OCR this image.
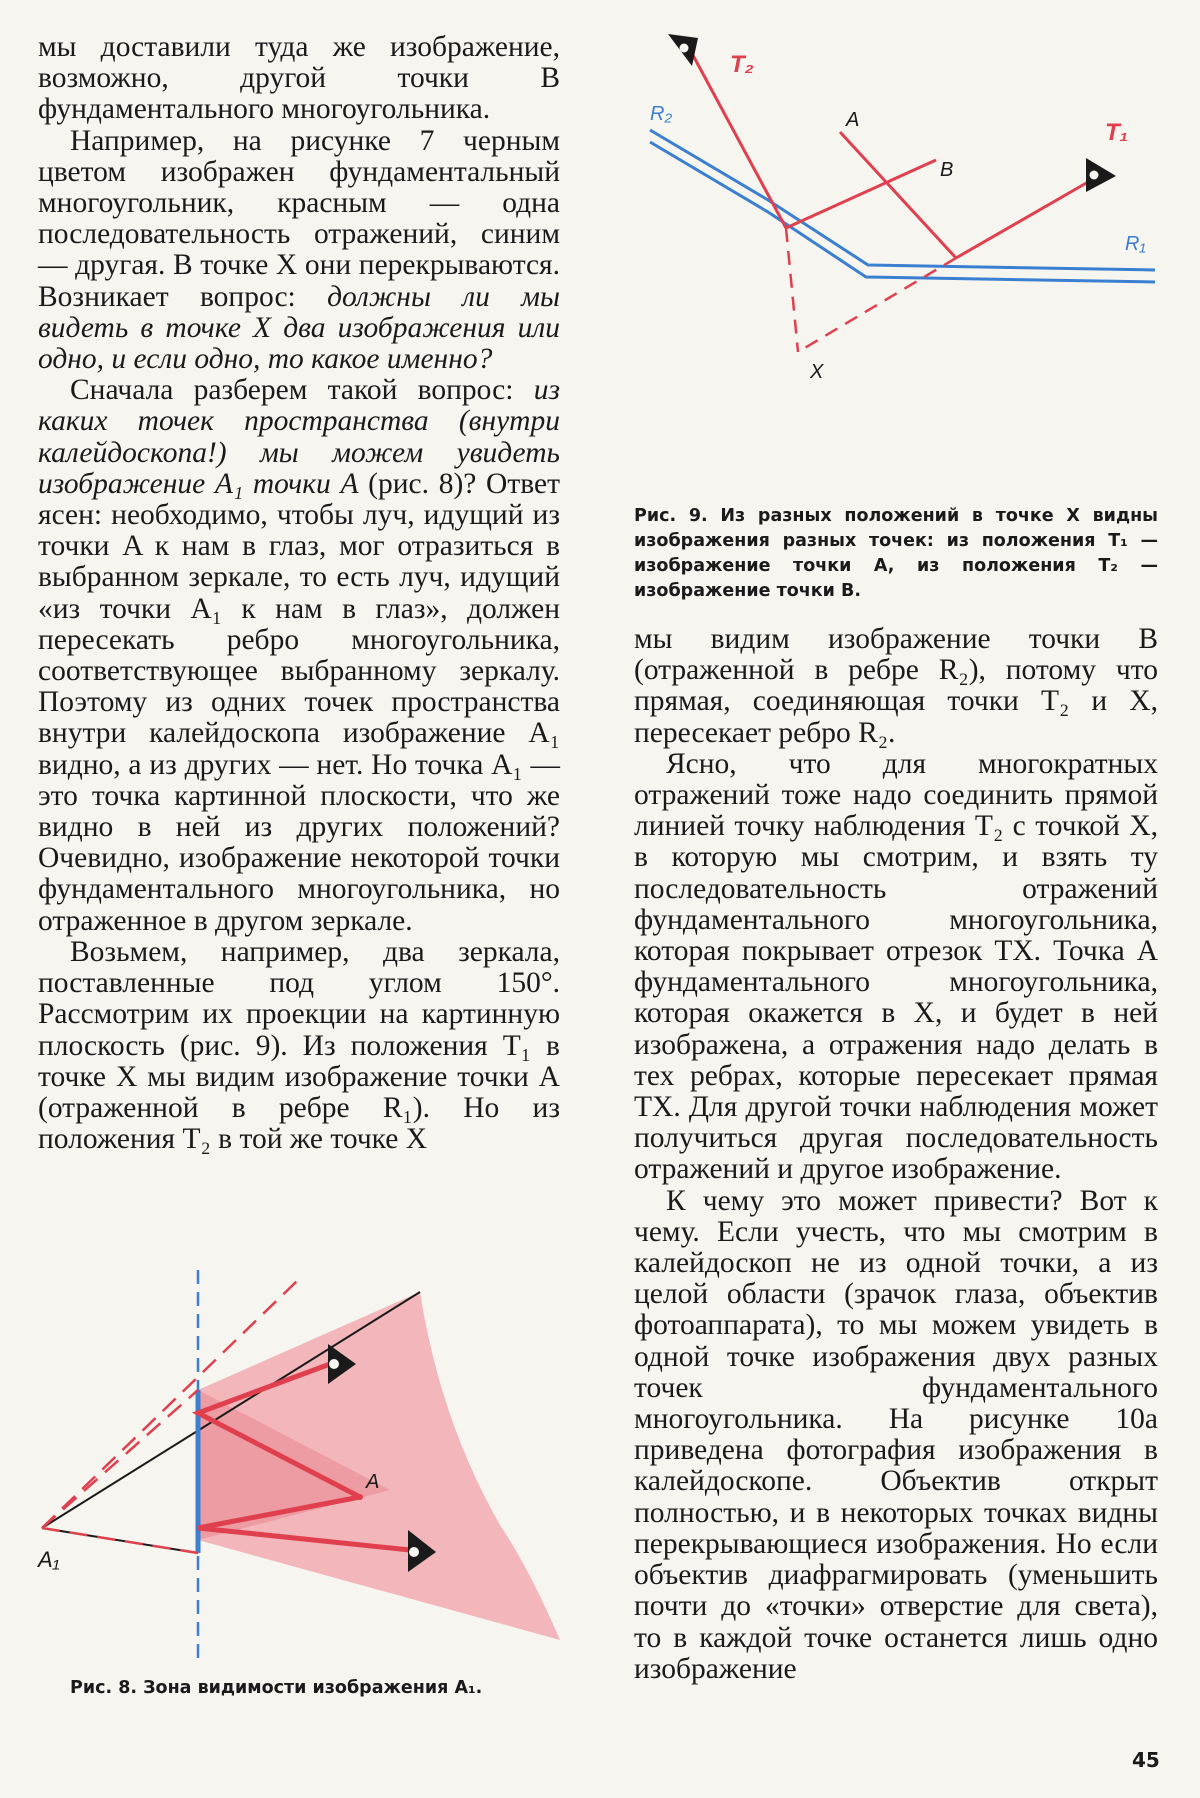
мы доставили туда же изображение, возможно, другой точки B фундаментального многоугольника.

Например, на рисунке 7 черным цветом изображен фундаментальный многоугольник, красным — одна последовательность отражений, синим — другая. В точке X они перекрываются. Возникает вопрос: должны ли мы видеть в точке X два изображения или одно, и если одно, то какое именно?

Сначала разберем такой вопрос: из каких точек пространства (внутри калейдоскопа!) мы можем увидеть изображение A₁ точки A (рис. 8)? Ответ ясен: необходимо, чтобы луч, идущий из точки A к нам в глаз, мог отразиться в выбранном зеркале, то есть луч, идущий «из точки A₁ к нам в глаз», должен пересекать ребро многоугольника, соответствующее выбранному зеркалу. Поэтому из одних точек пространства внутри калейдоскопа изображение A₁ видно, а из других — нет. Но точка A₁ — это точка картинной плоскости, что же видно в ней из других положений? Очевидно, изображение некоторой точки фундаментального многоугольника, но отраженное в другом зеркале.

Возьмем, например, два зеркала, поставленные под углом 150°. Рассмотрим их проекции на картинную плоскость (рис. 9). Из положения T₁ в точке X мы видим изображение точки A (отраженной в ребре R₁). Но из положения T₂ в той же точке X

A
A₁
Рис. 8. Зона видимости изображения A₁.
T₂
T₁
R₂
R₁
A
B
X
Рис. 9. Из разных положений в точке X видны изображения разных точек: из положения T₁ — изображение точки A, из положения T₂ — изображение точки B.

мы видим изображение точки B (отраженной в ребре R₂), потому что прямая, соединяющая точки T₂ и X, пересекает ребро R₂.

Ясно, что для многократных отражений тоже надо соединить прямой линией точку наблюдения T₂ с точкой X, в которую мы смотрим, и взять ту последовательность отражений фундаментального многоугольника, которая покрывает отрезок TX. Точка A фундаментального многоугольника, которая окажется в X, и будет в ней изображена, а отражения надо делать в тех ребрах, которые пересекает прямая TX. Для другой точки наблюдения может получиться другая последовательность отражений и другое изображение.

К чему это может привести? Вот к чему. Если учесть, что мы смотрим в калейдоскоп не из одной точки, а из целой области (зрачок глаза, объектив фотоаппарата), то мы можем увидеть в одной точке изображения двух разных точек фундаментального многоугольника. На рисунке 10а приведена фотография изображения в калейдоскопе. Объектив открыт полностью, и в некоторых точках видны перекрывающиеся изображения. Но если объектив диафрагмировать (уменьшить почти до «точки» отверстие для света), то в каждой точке останется лишь одно изображение

45
